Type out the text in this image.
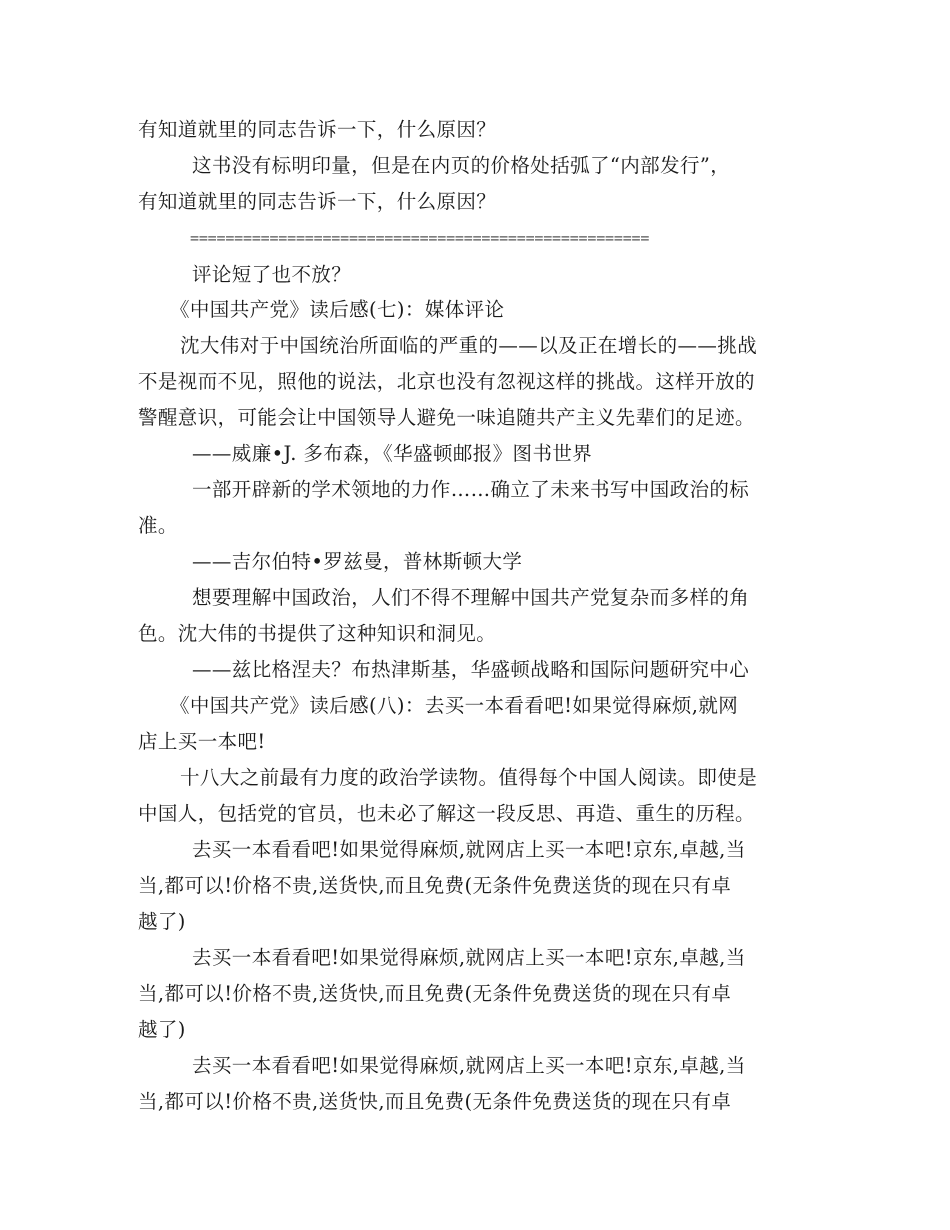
有知道就里的同志告诉一下，什么原因？
这书没有标明印量，但是在内页的价格处括弧了“内部发行”，
有知道就里的同志告诉一下，什么原因？
====================================================
评论短了也不放？
《中国共产党》读后感(七)：媒体评论
沈大伟对于中国统治所面临的严重的——以及正在增长的——挑战
不是视而不见，照他的说法，北京也没有忽视这样的挑战。这样开放的
警醒意识，可能会让中国领导人避免一味追随共产主义先辈们的足迹。
——威廉•J. 多布森，《华盛顿邮报》图书世界
一部开辟新的学术领地的力作……确立了未来书写中国政治的标
准。
——吉尔伯特•罗兹曼，普林斯顿大学
想要理解中国政治，人们不得不理解中国共产党复杂而多样的角
色。沈大伟的书提供了这种知识和洞见。
——兹比格涅夫？布热津斯基，华盛顿战略和国际问题研究中心
《中国共产党》读后感(八)：去买一本看看吧!如果觉得麻烦,就网
店上买一本吧!
十八大之前最有力度的政治学读物。值得每个中国人阅读。即使是
中国人，包括党的官员，也未必了解这一段反思、再造、重生的历程。
去买一本看看吧!如果觉得麻烦,就网店上买一本吧!京东,卓越,当
当,都可以!价格不贵,送货快,而且免费(无条件免费送货的现在只有卓
越了)
去买一本看看吧!如果觉得麻烦,就网店上买一本吧!京东,卓越,当
当,都可以!价格不贵,送货快,而且免费(无条件免费送货的现在只有卓
越了)
去买一本看看吧!如果觉得麻烦,就网店上买一本吧!京东,卓越,当
当,都可以!价格不贵,送货快,而且免费(无条件免费送货的现在只有卓
